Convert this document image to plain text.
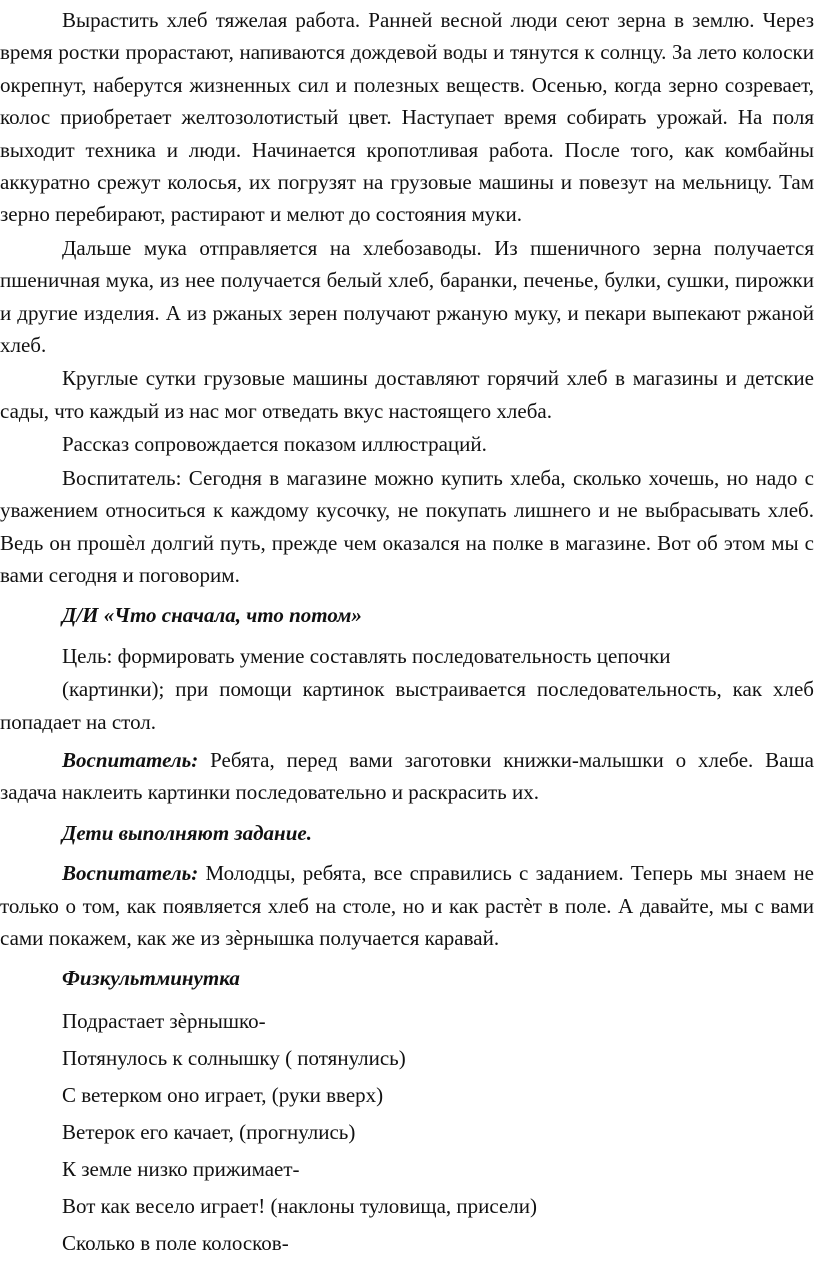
Вырастить хлеб тяжелая работа. Ранней весной люди сеют зерна в землю. Через время ростки прорастают, напиваются дождевой воды и тянутся к солнцу. За лето колоски окрепнут, наберутся жизненных сил и полезных веществ. Осенью, когда зерно созревает, колос приобретает желтозолотистый цвет. Наступает время собирать урожай. На поля выходит техника и люди. Начинается кропотливая работа. После того, как комбайны аккуратно срежут колосья, их погрузят на грузовые машины и повезут на мельницу. Там зерно перебирают, растирают и мелют до состояния муки.

Дальше мука отправляется на хлебозаводы. Из пшеничного зерна получается пшеничная мука, из нее получается белый хлеб, баранки, печенье, булки, сушки, пирожки и другие изделия. А из ржаных зерен получают ржаную муку, и пекари выпекают ржаной хлеб.

Круглые сутки грузовые машины доставляют горячий хлеб в магазины и детские сады, что каждый из нас мог отведать вкус настоящего хлеба.

Рассказ сопровождается показом иллюстраций.

Воспитатель: Сегодня в магазине можно купить хлеба, сколько хочешь, но надо с уважением относиться к каждому кусочку, не покупать лишнего и не выбрасывать хлеб. Ведь он прошѐл долгий путь, прежде чем оказался на полке в магазине. Вот об этом мы с вами сегодня и поговорим.

Д/И «Что сначала, что потом»

Цель: формировать умение составлять последовательность цепочки

(картинки); при помощи картинок выстраивается последовательность, как хлеб попадает на стол.

Воспитатель: Ребята, перед вами заготовки книжки-малышки о хлебе. Ваша задача наклеить картинки последовательно и раскрасить их.

Дети выполняют задание.

Воспитатель: Молодцы, ребята, все справились с заданием. Теперь мы знаем не только о том, как появляется хлеб на столе, но и как растѐт в поле. А давайте, мы с вами сами покажем, как же из зѐрнышка получается каравай.

Физкультминутка
Подрастает зѐрнышко-
Потянулось к солнышку ( потянулись)
С ветерком оно играет, (руки вверх)
Ветерок его качает, (прогнулись)
К земле низко прижимает-
Вот как весело играет! (наклоны туловища, присели)
Сколько в поле колосков-
